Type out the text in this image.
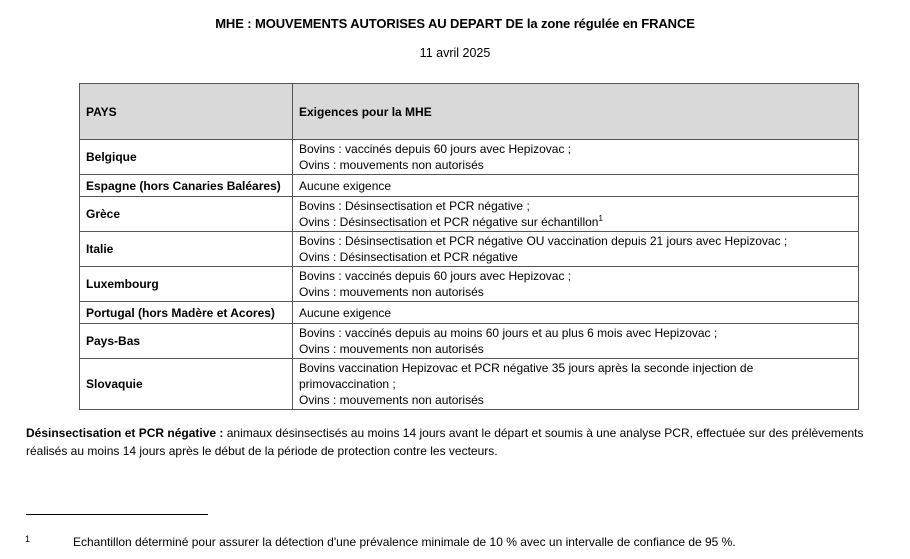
MHE : MOUVEMENTS AUTORISES AU DEPART DE la zone régulée en FRANCE
11 avril 2025
PAYS	Exigences pour la MHE
Belgique	Bovins : vaccinés depuis 60 jours avec Hepizovac ;
Ovins : mouvements non autorisés

Espagne (hors Canaries Baléares)	Aucune exigence

Grèce	Bovins : Désinsectisation et PCR négative ;
Ovins : Désinsectisation et PCR négative sur échantillon$^1$

Italie	Bovins : Désinsectisation et PCR négative OU vaccination depuis 21 jours avec Hepizovac ;
Ovins : Désinsectisation et PCR négative

Luxembourg	Bovins : vaccinés depuis 60 jours avec Hepizovac ;
Ovins : mouvements non autorisés

Portugal (hors Madère et Acores)	Aucune exigence

Pays-Bas	Bovins : vaccinés depuis au moins 60 jours et au plus 6 mois avec Hepizovac ;
Ovins : mouvements non autorisés

Slovaquie	Bovins vaccination Hepizovac et PCR négative 35 jours après la seconde injection de
primovaccination ;
Ovins : mouvements non autorisés
Désinsectisation et PCR négative : animaux désinsectisés au moins 14 jours avant le départ et soumis à une analyse PCR, effectuée sur des prélèvements réalisés au moins 14 jours après le début de la période de protection contre les vecteurs.
1	Echantillon déterminé pour assurer la détection d'une prévalence minimale de 10 % avec un intervalle de confiance de 95 %.
